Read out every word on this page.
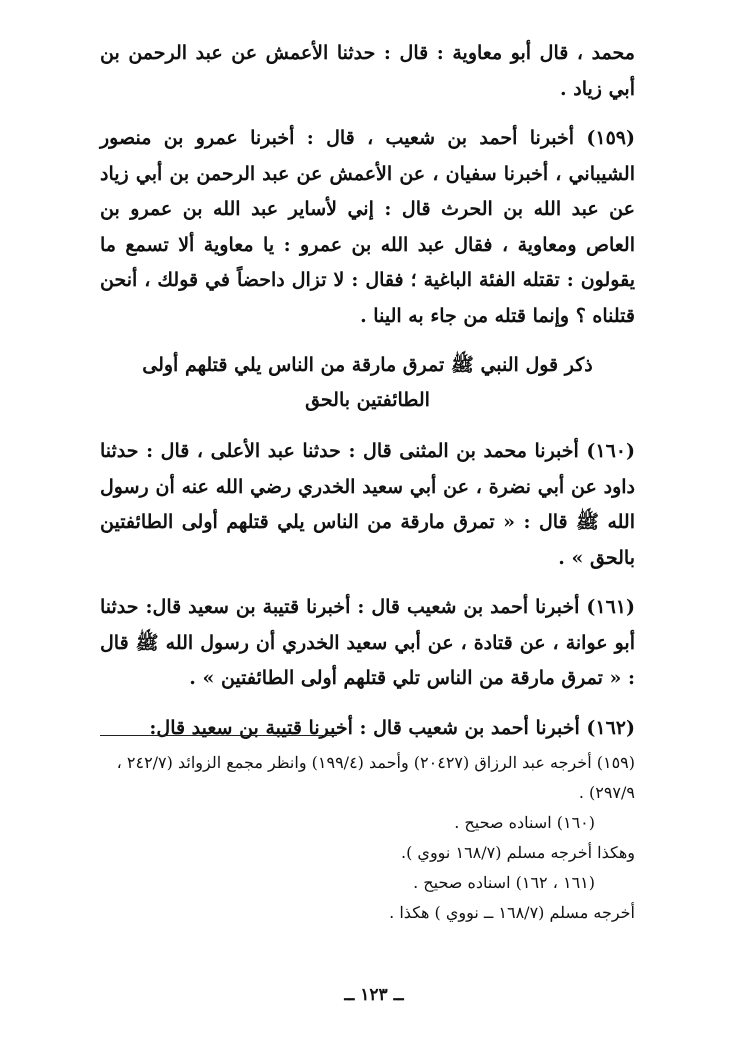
محمد ، قال أبو معاوية : قال : حدثنا الأعمش عن عبد الرحمن بن أبي زياد .

(١٥٩) أخبرنا أحمد بن شعيب ، قال : أخبرنا عمرو بن منصور الشيباني ، أخبرنا سفيان ، عن الأعمش عن عبد الرحمن بن أبي زياد عن عبد الله بن الحرث قال : إني لأساير عبد الله بن عمرو بن العاص ومعاوية ، فقال عبد الله بن عمرو : يا معاوية ألا تسمع ما يقولون : تقتله الفئة الباغية ؛ فقال : لا تزال داحضاً في قولك ، أنحن قتلناه ؟ وإنما قتله من جاء به الينا .

ذكر قول النبي ﷺ تمرق مارقة من الناس يلي قتلهم أولى الطائفتين بالحق

(١٦٠) أخبرنا محمد بن المثنى قال : حدثنا عبد الأعلى ، قال : حدثنا داود عن أبي نضرة ، عن أبي سعيد الخدري رضي الله عنه أن رسول الله ﷺ قال : « تمرق مارقة من الناس يلي قتلهم أولى الطائفتين بالحق » .

(١٦١) أخبرنا أحمد بن شعيب قال : أخبرنا قتيبة بن سعيد قال: حدثنا أبو عوانة ، عن قتادة ، عن أبي سعيد الخدري أن رسول الله ﷺ قال : « تمرق مارقة من الناس تلي قتلهم أولى الطائفتين » .

(١٦٢) أخبرنا أحمد بن شعيب قال : أخبرنا قتيبة بن سعيد قال:

(١٥٩) أخرجه عبد الرزاق (٢٠٤٢٧) وأحمد (١٩٩/٤) وانظر مجمع الزوائد (٢٤٢/٧ ، ٢٩٧/٩) .

(١٦٠) اسناده صحيح .

وهكذا أخرجه مسلم (١٦٨/٧ نووي ).

(١٦١ ، ١٦٢) اسناده صحيح .

أخرجه مسلم (١٦٨/٧ ــ نووي ) هكذا .

ــ ١٢٣ ــ
